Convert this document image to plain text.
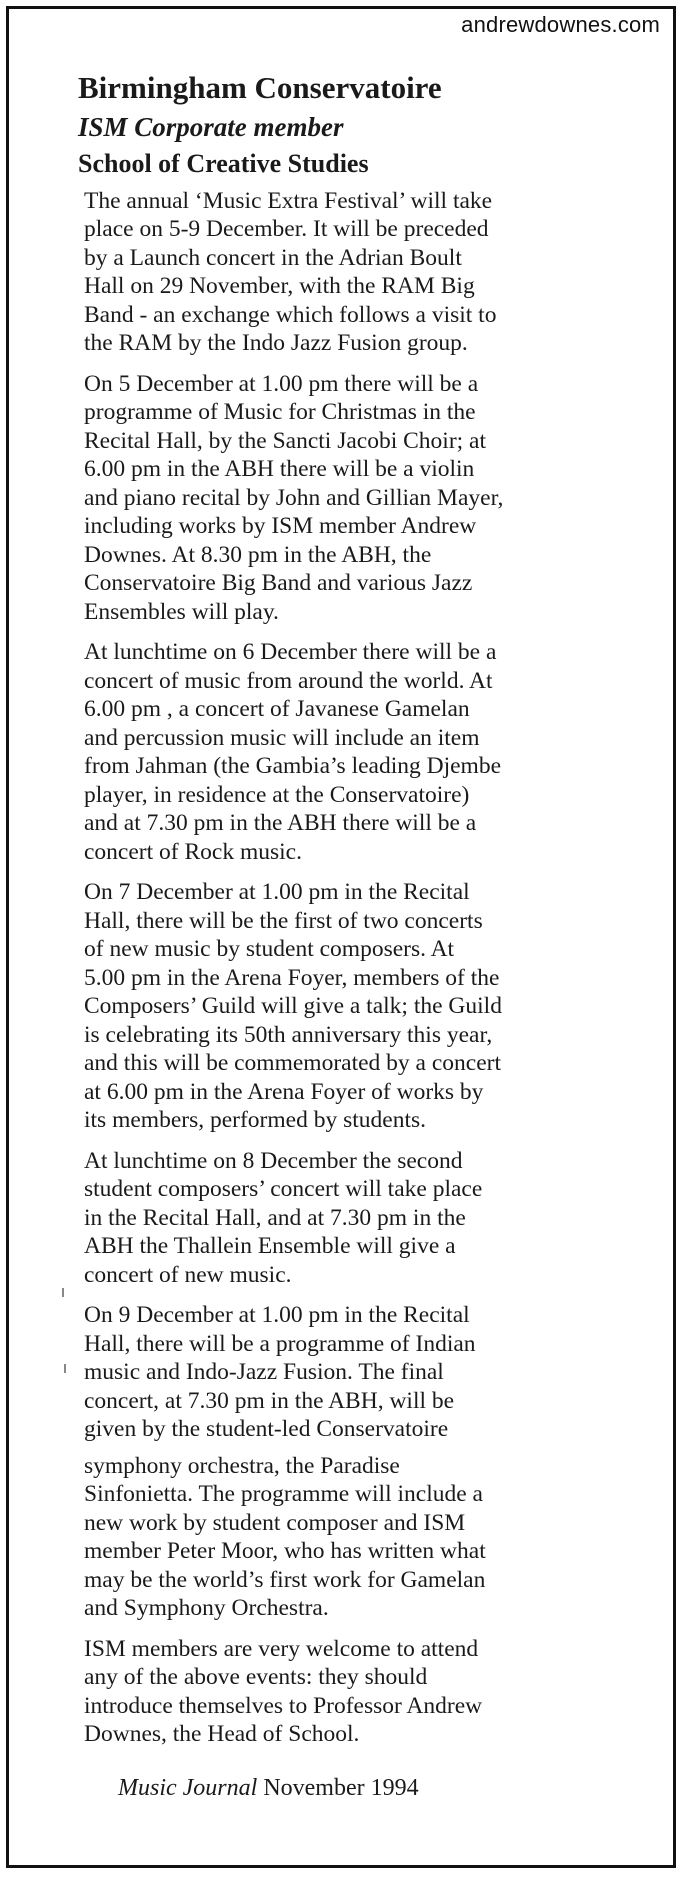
andrewdownes.com
Birmingham Conservatoire
ISM Corporate member
School of Creative Studies
The annual ‘Music Extra Festival’ will take
place on 5-9 December. It will be preceded
by a Launch concert in the Adrian Boult
Hall on 29 November, with the RAM Big
Band - an exchange which follows a visit to
the RAM by the Indo Jazz Fusion group.
On 5 December at 1.00 pm there will be a
programme of Music for Christmas in the
Recital Hall, by the Sancti Jacobi Choir; at
6.00 pm in the ABH there will be a violin
and piano recital by John and Gillian Mayer,
including works by ISM member Andrew
Downes. At 8.30 pm in the ABH, the
Conservatoire Big Band and various Jazz
Ensembles will play.
At lunchtime on 6 December there will be a
concert of music from around the world. At
6.00 pm , a concert of Javanese Gamelan
and percussion music will include an item
from Jahman (the Gambia’s leading Djembe
player, in residence at the Conservatoire)
and at 7.30 pm in the ABH there will be a
concert of Rock music.
On 7 December at 1.00 pm in the Recital
Hall, there will be the first of two concerts
of new music by student composers. At
5.00 pm in the Arena Foyer, members of the
Composers’ Guild will give a talk; the Guild
is celebrating its 50th anniversary this year,
and this will be commemorated by a concert
at 6.00 pm in the Arena Foyer of works by
its members, performed by students.
At lunchtime on 8 December the second
student composers’ concert will take place
in the Recital Hall, and at 7.30 pm in the
ABH the Thallein Ensemble will give a
concert of new music.
On 9 December at 1.00 pm in the Recital
Hall, there will be a programme of Indian
music and Indo-Jazz Fusion. The final
concert, at 7.30 pm in the ABH, will be
given by the student-led Conservatoire
symphony orchestra, the Paradise
Sinfonietta. The programme will include a
new work by student composer and ISM
member Peter Moor, who has written what
may be the world’s first work for Gamelan
and Symphony Orchestra.
ISM members are very welcome to attend
any of the above events: they should
introduce themselves to Professor Andrew
Downes, the Head of School.
Music Journal November 1994
